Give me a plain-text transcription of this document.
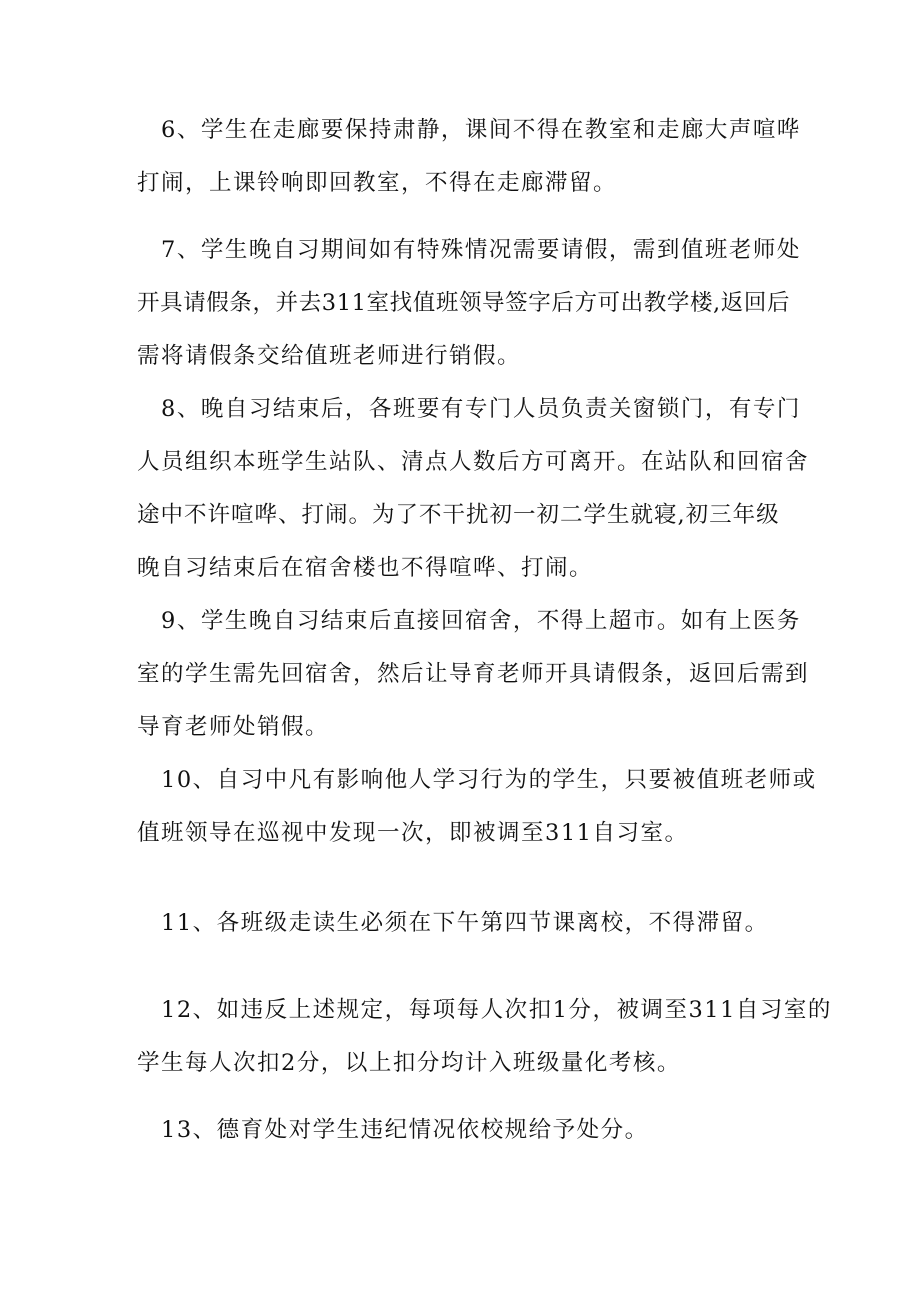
6、学生在走廊要保持肃静，课间不得在教室和走廊大声喧哗
打闹，上课铃响即回教室，不得在走廊滞留。

7、学生晚自习期间如有特殊情况需要请假，需到值班老师处
开具请假条，并去311室找值班领导签字后方可出教学楼,返回后
需将请假条交给值班老师进行销假。

8、晚自习结束后，各班要有专门人员负责关窗锁门，有专门
人员组织本班学生站队、清点人数后方可离开。在站队和回宿舍
途中不许喧哗、打闹。为了不干扰初一初二学生就寝,初三年级
晚自习结束后在宿舍楼也不得喧哗、打闹。

9、学生晚自习结束后直接回宿舍，不得上超市。如有上医务
室的学生需先回宿舍，然后让导育老师开具请假条，返回后需到
导育老师处销假。

10、自习中凡有影响他人学习行为的学生，只要被值班老师或
值班领导在巡视中发现一次，即被调至311自习室。

11、各班级走读生必须在下午第四节课离校，不得滞留。

12、如违反上述规定，每项每人次扣1分，被调至311自习室的
学生每人次扣2分，以上扣分均计入班级量化考核。

13、德育处对学生违纪情况依校规给予处分。
